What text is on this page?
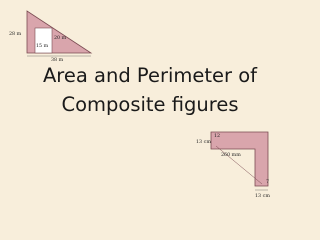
Area and Perimeter of
Composite figures
28 m
15 m
20 m
38 m
13 cm
12
260 mm
7
13 cm
